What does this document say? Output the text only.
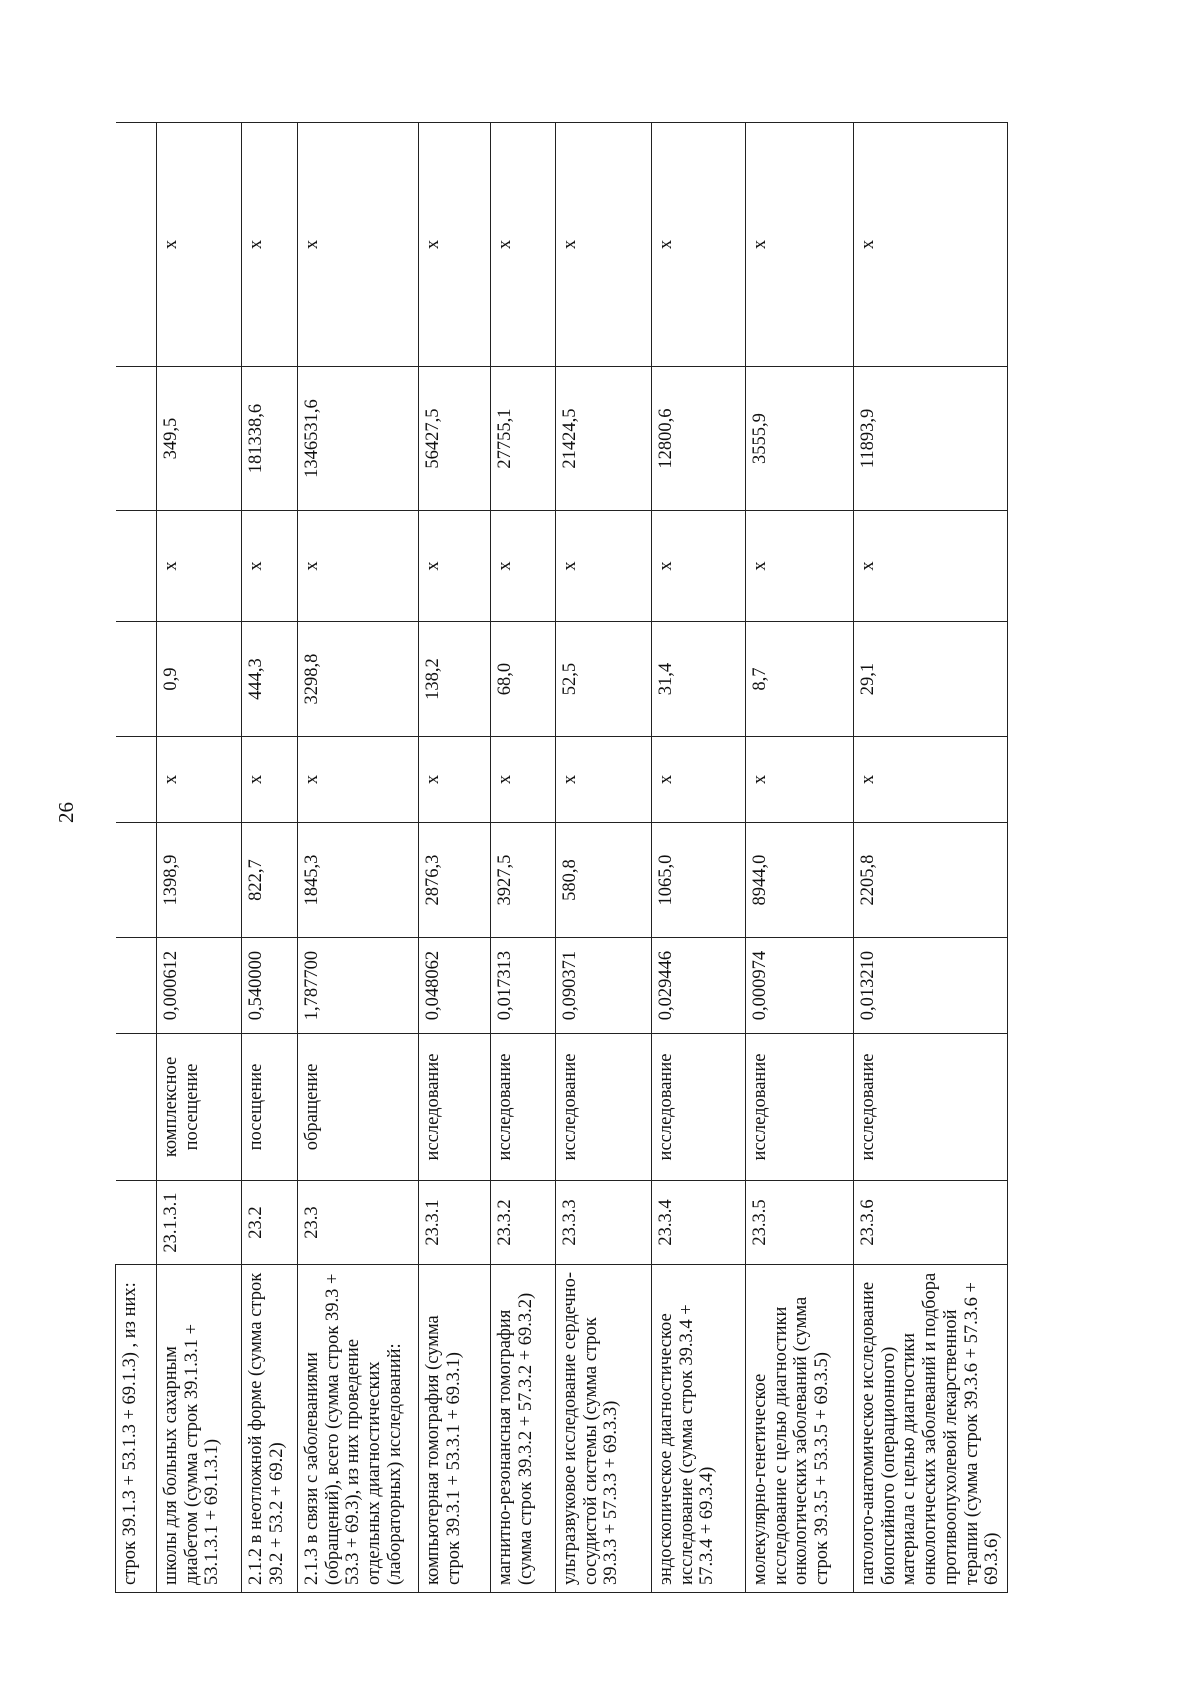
26
строк 39.1.3 + 53.1.3 + 69.1.3) , из них:									
школы для больных сахарным диабетом (сумма строк 39.1.3.1 + 53.1.3.1 + 69.1.3.1)	23.1.3.1	комплексное посещение	0,000612	1398,9	х	0,9	х	349,5	х
2.1.2 в неотложной форме (сумма строк 39.2 + 53.2 + 69.2)	23.2	посещение	0,540000	822,7	х	444,3	х	181338,6	х
2.1.3 в связи с заболеваниями (обращений), всего (сумма строк 39.3 + 53.3 + 69.3), из них проведение отдельных диагностических (лабораторных) исследований:	23.3	обращение	1,787700	1845,3	х	3298,8	х	1346531,6	х
компьютерная томография (сумма строк 39.3.1 + 53.3.1 + 69.3.1)	23.3.1	исследование	0,048062	2876,3	х	138,2	х	56427,5	х
магнитно-резонансная томография (сумма строк 39.3.2 + 57.3.2 + 69.3.2)	23.3.2	исследование	0,017313	3927,5	х	68,0	х	27755,1	х
ультразвуковое исследование сердечно-сосудистой системы (сумма строк 39.3.3 + 57.3.3 + 69.3.3)	23.3.3	исследование	0,090371	580,8	х	52,5	х	21424,5	х
эндоскопическое диагностическое исследование (сумма строк 39.3.4 + 57.3.4 + 69.3.4)	23.3.4	исследование	0,029446	1065,0	х	31,4	х	12800,6	х
молекулярно-генетическое исследование с целью диагностики онкологических заболеваний (сумма строк 39.3.5 + 53.3.5 + 69.3.5)	23.3.5	исследование	0,000974	8944,0	х	8,7	х	3555,9	х
патолого-анатомическое исследование биопсийного (операционного) материала с целью диагностики онкологических заболеваний и подбора противоопухолевой лекарственной терапии (сумма строк 39.3.6 + 57.3.6 + 69.3.6)	23.3.6	исследование	0,013210	2205,8	х	29,1	х	11893,9	х
